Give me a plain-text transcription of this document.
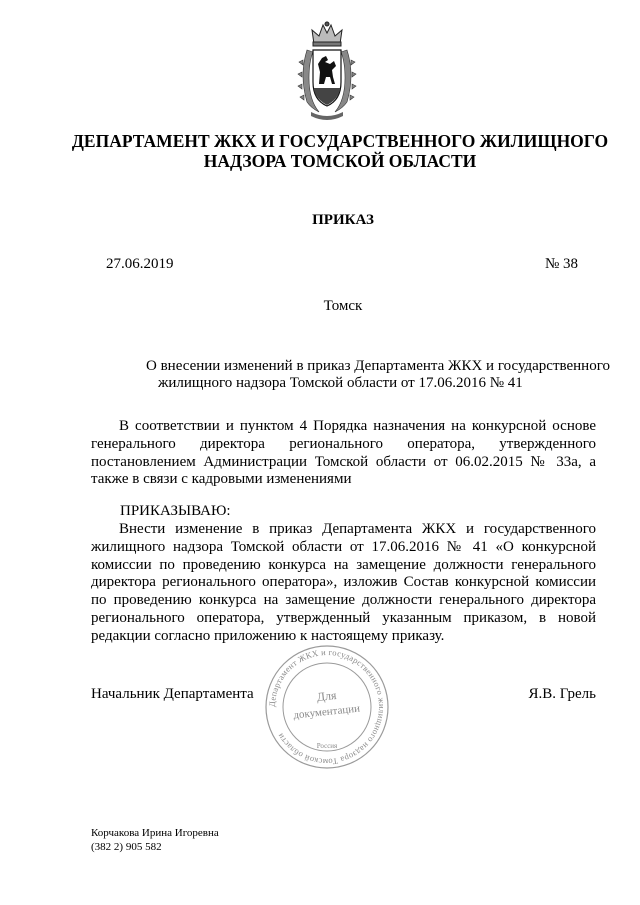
ДЕПАРТАМЕНТ ЖКХ И ГОСУДАРСТВЕННОГО ЖИЛИЩНОГО
НАДЗОРА ТОМСКОЙ ОБЛАСТИ
ПРИКАЗ
27.06.2019	№ 38
Томск
О внесении изменений в приказ Департамента ЖКХ и государственного
жилищного надзора Томской области от 17.06.2016 № 41
В соответствии и пунктом 4 Порядка назначения на конкурсной основе генерального директора регионального оператора, утвержденного постановлением Администрации Томской области от 06.02.2015 № 33а, а также в связи с кадровыми изменениями
ПРИКАЗЫВАЮ:
Внести изменение в приказ Департамента ЖКХ и государственного жилищного надзора Томской области от 17.06.2016 № 41 «О конкурсной комиссии по проведению конкурса на замещение должности генерального директора регионального оператора», изложив Состав конкурсной комиссии по проведению конкурса на замещение должности генерального директора регионального оператора, утвержденный указанным приказом, в новой редакции согласно приложению к настоящему приказу.
Начальник Департамента
Департамент ЖКХ и государственного жилищного надзора Томской области
Россия
Для
документации
Я.В. Грель
Корчакова Ирина Игоревна
(382 2) 905 582
